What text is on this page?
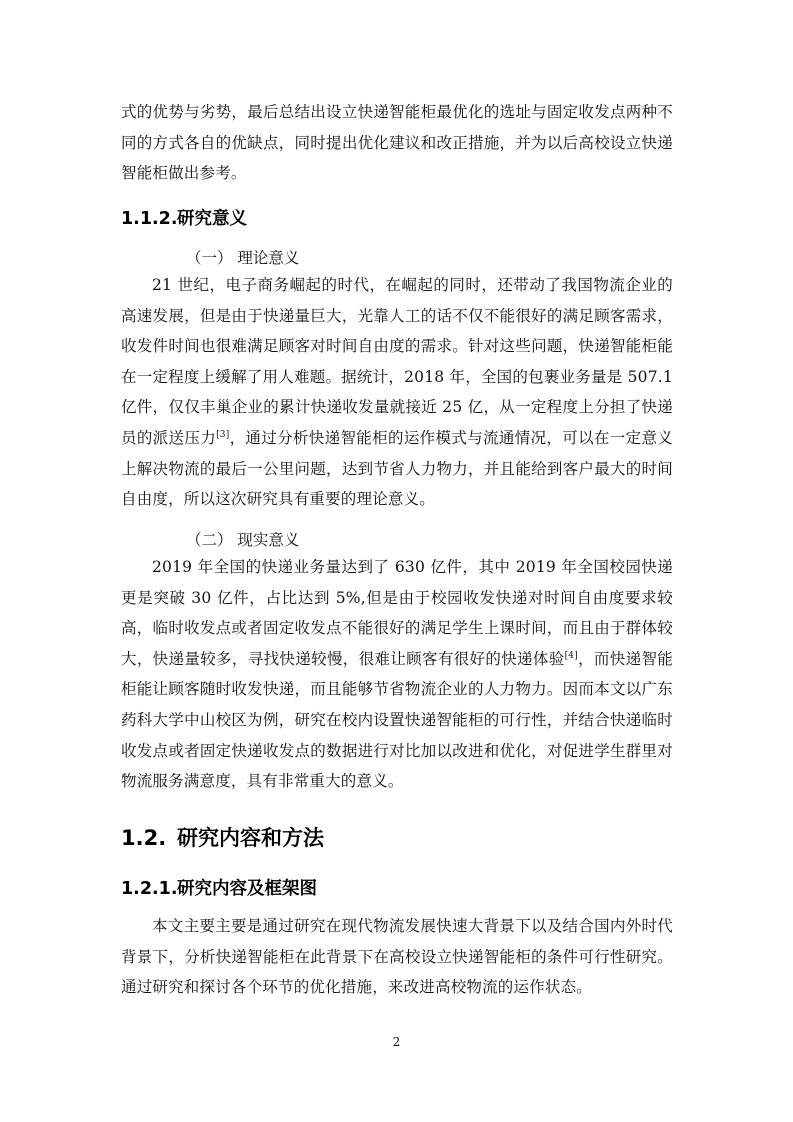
式的优势与劣势，最后总结出设立快递智能柜最优化的选址与固定收发点两种不同的方式各自的优缺点，同时提出优化建议和改正措施，并为以后高校设立快递智能柜做出参考。

1.1.2.研究意义
（一） 理论意义

21 世纪，电子商务崛起的时代，在崛起的同时，还带动了我国物流企业的高速发展，但是由于快递量巨大，光靠人工的话不仅不能很好的满足顾客需求，收发件时间也很难满足顾客对时间自由度的需求。针对这些问题，快递智能柜能在一定程度上缓解了用人难题。据统计，2018 年，全国的包裹业务量是 507.1 亿件，仅仅丰巢企业的累计快递收发量就接近 25 亿，从一定程度上分担了快递员的派送压力[3]，通过分析快递智能柜的运作模式与流通情况，可以在一定意义上解决物流的最后一公里问题，达到节省人力物力，并且能给到客户最大的时间自由度，所以这次研究具有重要的理论意义。

（二） 现实意义

2019 年全国的快递业务量达到了 630 亿件，其中 2019 年全国校园快递更是突破 30 亿件，占比达到 5%,但是由于校园收发快递对时间自由度要求较高，临时收发点或者固定收发点不能很好的满足学生上课时间，而且由于群体较大，快递量较多，寻找快递较慢，很难让顾客有很好的快递体验[4]，而快递智能柜能让顾客随时收发快递，而且能够节省物流企业的人力物力。因而本文以广东药科大学中山校区为例，研究在校内设置快递智能柜的可行性，并结合快递临时收发点或者固定快递收发点的数据进行对比加以改进和优化，对促进学生群里对物流服务满意度，具有非常重大的意义。

1.2. 研究内容和方法
1.2.1.研究内容及框架图

本文主要主要是通过研究在现代物流发展快速大背景下以及结合国内外时代背景下，分析快递智能柜在此背景下在高校设立快递智能柜的条件可行性研究。通过研究和探讨各个环节的优化措施，来改进高校物流的运作状态。

2
